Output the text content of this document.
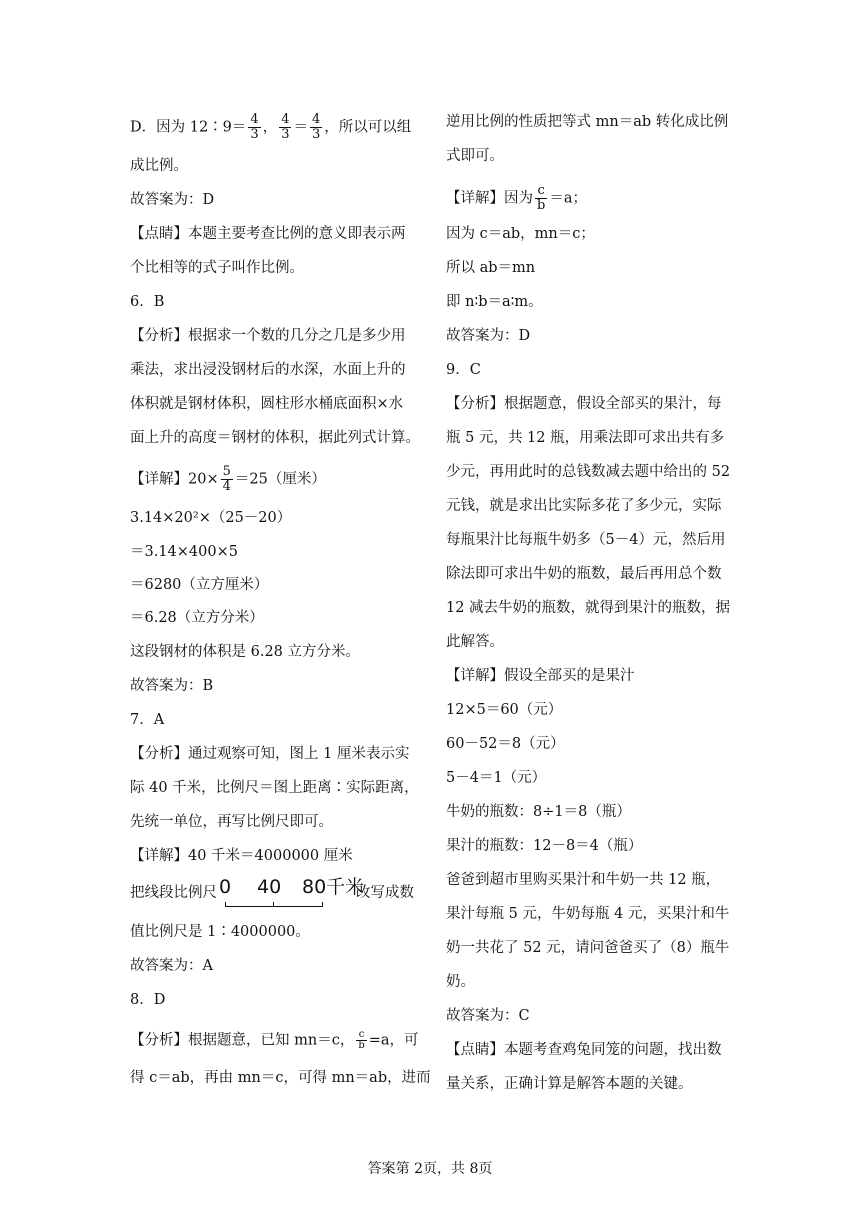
D．因为 12∶9＝ $\frac{4}{3}$ ， $\frac{4}{3} = \frac{4}{3}$ ，所以可以组
成比例。
故答案为：D
【点睛】本题主要考查比例的意义即表示两
个比相等的式子叫作比例。
6．B
【分析】根据求一个数的几分之几是多少用
乘法，求出浸没钢材后的水深，水面上升的
体积就是钢材体积，圆柱形水桶底面积×水
面上升的高度＝钢材的体积，据此列式计算。
【详解】$20\times \frac{5}{4} =25$（厘米）
3.14×20²×（25－20）
＝3.14×400×5
＝6280（立方厘米）
＝6.28（立方分米）
这段钢材的体积是 6.28 立方分米。
故答案为：B
7．A
【分析】通过观察可知，图上 1 厘米表示实
际 40 千米，比例尺＝图上距离∶实际距离，
先统一单位，再写比例尺即可。
【详解】40 千米＝4000000 厘米
把线段比例尺 0 40 80千米
改写成数
值比例尺是 1∶4000000。
故答案为：A
8．D
【分析】根据题意，已知 mn＝c， $\frac{c}{b} =a$，可
得 c＝ab，再由 mn＝c，可得 mn＝ab，进而
逆用比例的性质把等式 mn＝ab 转化成比例
式即可。
【详解】因为 $\frac{c}{b} =a$；
因为 c＝ab，mn＝c；
所以 ab＝mn
即 n∶b＝a∶m。
故答案为：D
9．C
【分析】根据题意，假设全部买的果汁，每
瓶 5 元，共 12 瓶，用乘法即可求出共有多
少元，再用此时的总钱数减去题中给出的 52
元钱，就是求出比实际多花了多少元，实际
每瓶果汁比每瓶牛奶多（5－4）元，然后用
除法即可求出牛奶的瓶数，最后再用总个数
12 减去牛奶的瓶数，就得到果汁的瓶数，据
此解答。
【详解】假设全部买的是果汁
12×5＝60（元）
60－52＝8（元）
5－4＝1（元）
牛奶的瓶数：8÷1＝8（瓶）
果汁的瓶数：12－8＝4（瓶）
爸爸到超市里购买果汁和牛奶一共 12 瓶，
果汁每瓶 5 元，牛奶每瓶 4 元，买果汁和牛
奶一共花了 52 元，请问爸爸买了（8）瓶牛
奶。
故答案为：C
【点睛】本题考查鸡兔同笼的问题，找出数
量关系，正确计算是解答本题的关键。
答案第 2页，共 8页
